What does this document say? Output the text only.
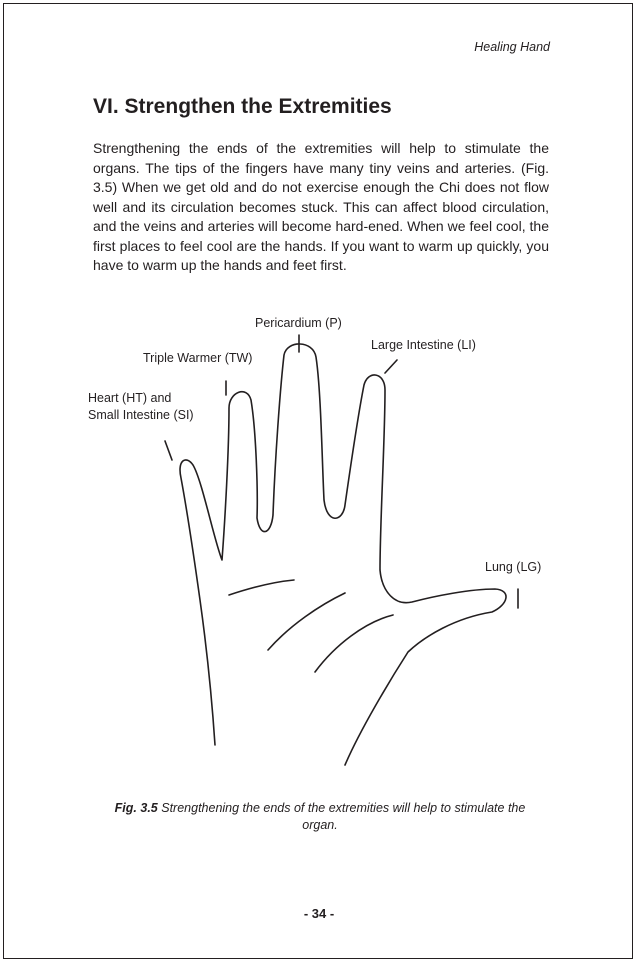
Healing Hand
VI. Strengthen the Extremities

Strengthening the ends of the extremities will help to stimulate the organs. The tips of the fingers have many tiny veins and arteries. (Fig. 3.5) When we get old and do not exercise enough the Chi does not flow well and its circulation becomes stuck. This can affect blood circulation, and the veins and arteries will become hard-ened. When we feel cool, the first places to feel cool are the hands. If you want to warm up quickly, you have to warm up the hands and feet first.

Pericardium (P)
Large Intestine (LI)
Triple Warmer (TW)
Heart (HT) and
Small Intestine (SI)
Lung (LG)
Fig. 3.5 Strengthening the ends of the extremities will help to stimulate the organ.
- 34 -
